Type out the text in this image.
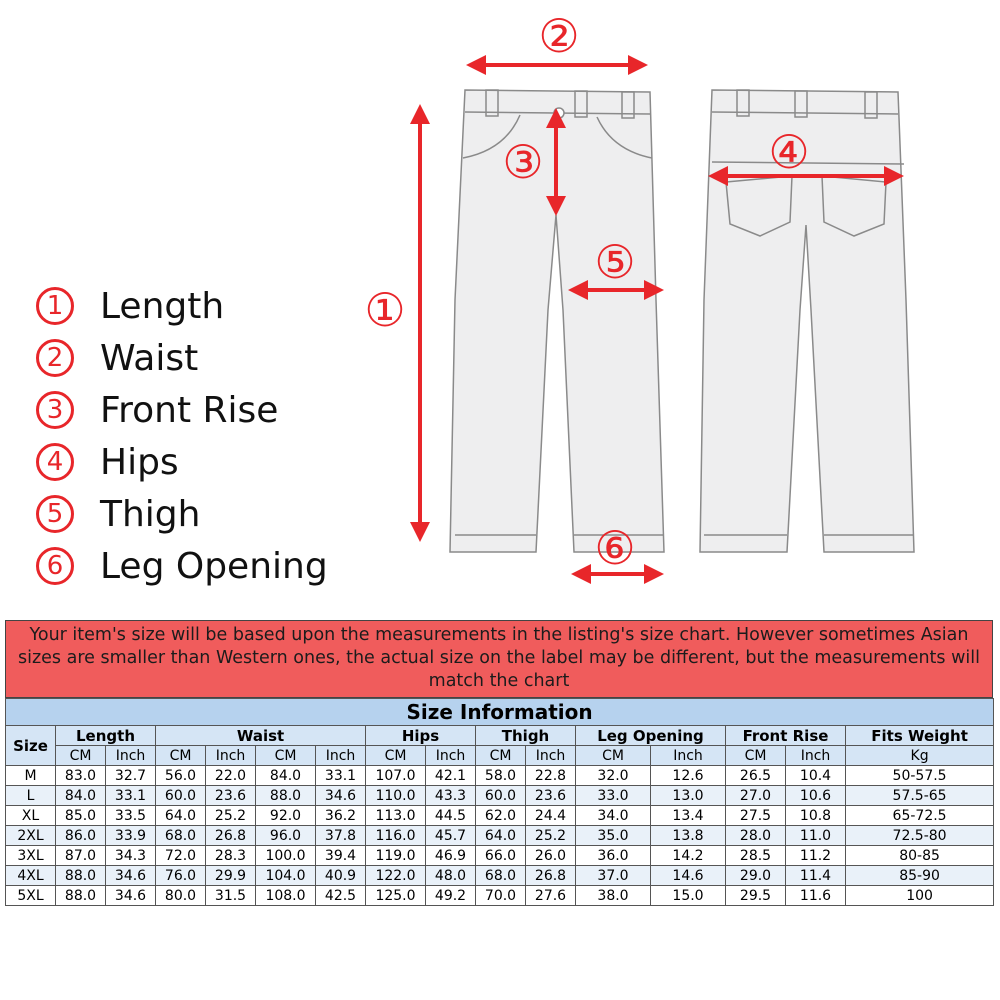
①
②
③	④
⑤
⑥
1 Length
2 Waist
3 Front Rise
4 Hips
5 Thigh
6 Leg Opening
Your item's size will be based upon the measurements in the listing's size chart. However sometimes Asian sizes are smaller than Western ones, the actual size on the label may be different, but the measurements will match the chart
Size Information															
Size	Length		Waist				Hips		Thigh		Leg Opening		Front Rise		Fits Weight
	CM	Inch	CM	Inch	CM	Inch	CM	Inch	CM	Inch	CM	Inch	CM	Inch	Kg
M	83.0	32.7	56.0	22.0	84.0	33.1	107.0	42.1	58.0	22.8	32.0	12.6	26.5	10.4	50-57.5
L	84.0	33.1	60.0	23.6	88.0	34.6	110.0	43.3	60.0	23.6	33.0	13.0	27.0	10.6	57.5-65
XL	85.0	33.5	64.0	25.2	92.0	36.2	113.0	44.5	62.0	24.4	34.0	13.4	27.5	10.8	65-72.5
2XL	86.0	33.9	68.0	26.8	96.0	37.8	116.0	45.7	64.0	25.2	35.0	13.8	28.0	11.0	72.5-80
3XL	87.0	34.3	72.0	28.3	100.0	39.4	119.0	46.9	66.0	26.0	36.0	14.2	28.5	11.2	80-85
4XL	88.0	34.6	76.0	29.9	104.0	40.9	122.0	48.0	68.0	26.8	37.0	14.6	29.0	11.4	85-90
5XL	88.0	34.6	80.0	31.5	108.0	42.5	125.0	49.2	70.0	27.6	38.0	15.0	29.5	11.6	100
